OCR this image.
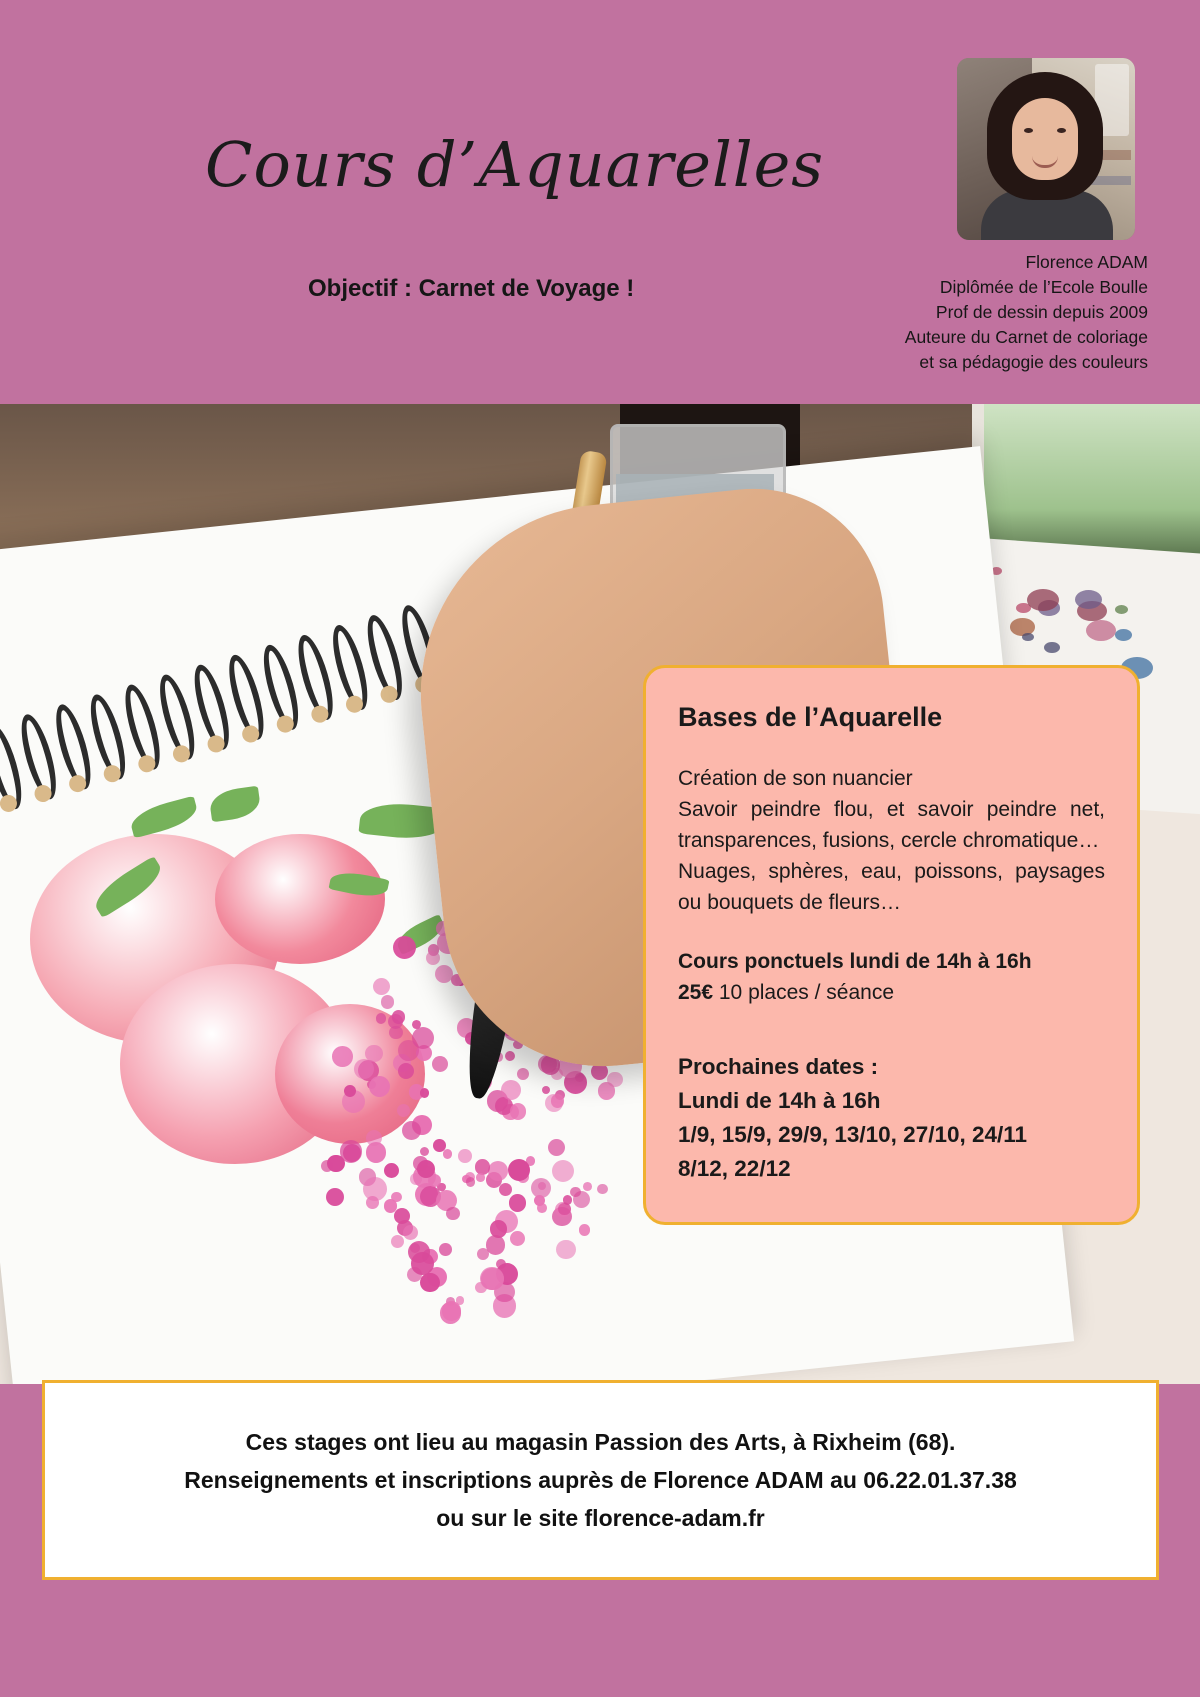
Cours d’Aquarelles
Objectif : Carnet de Voyage !
Florence ADAM
Diplômée de l’Ecole Boulle
Prof de dessin depuis 2009
Auteure du Carnet de coloriage
et sa pédagogie des couleurs
Bases de l’Aquarelle

Création de son nuancier
Savoir peindre flou, et savoir peindre net, transparences, fusions, cercle chromatique…
Nuages, sphères, eau, poissons, paysages ou bouquets de fleurs…

Cours ponctuels lundi de 14h à 16h
25€ 10 places / séance
Prochaines dates :
Lundi de 14h à 16h
1/9, 15/9, 29/9, 13/10, 27/10, 24/11
8/12, 22/12
Ces stages ont lieu au magasin Passion des Arts, à Rixheim (68).
Renseignements et inscriptions auprès de Florence ADAM au 06.22.01.37.38
ou sur le site florence-adam.fr
